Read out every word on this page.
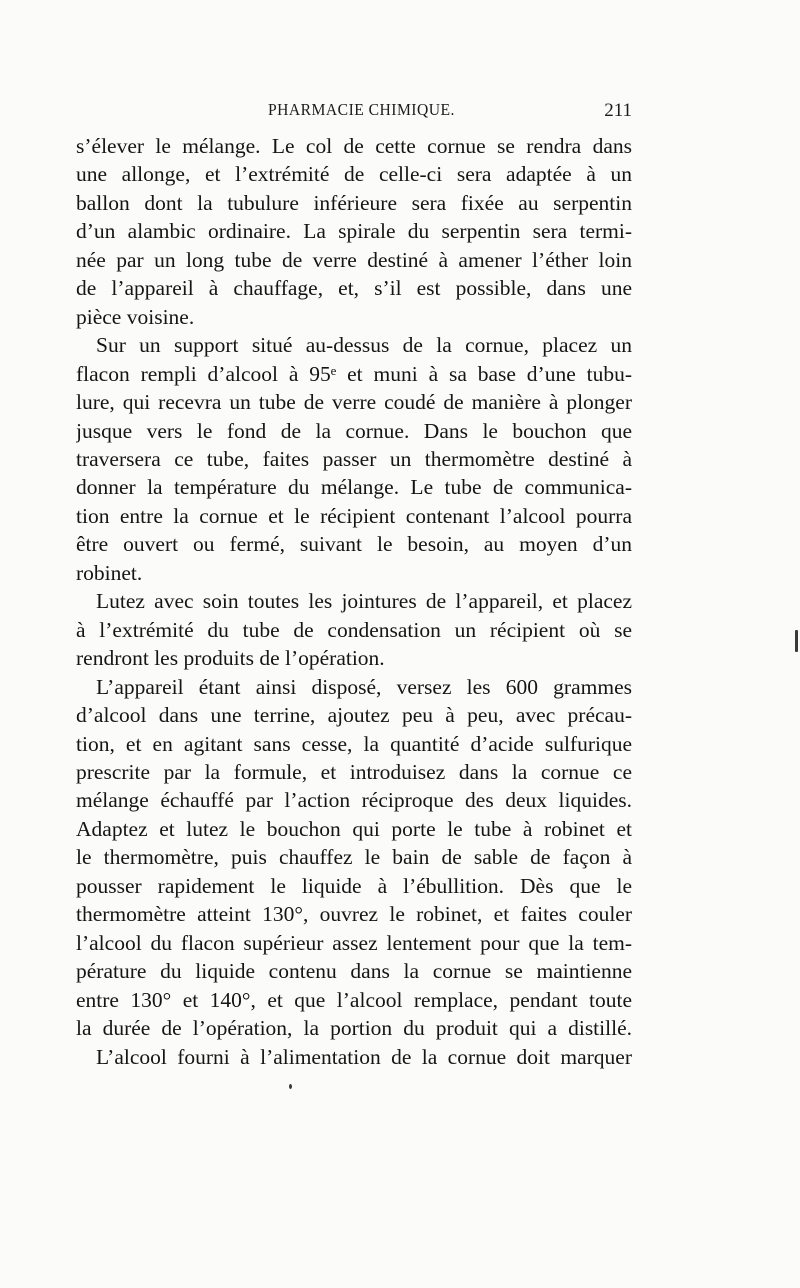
PHARMACIE CHIMIQUE.	211
s’élever le mélange. Le col de cette cornue se rendra dans
une allonge, et l’extrémité de celle-ci sera adaptée à un
ballon dont la tubulure inférieure sera fixée au serpentin
d’un alambic ordinaire. La spirale du serpentin sera termi-
née par un long tube de verre destiné à amener l’éther loin
de l’appareil à chauffage, et, s’il est possible, dans une
pièce voisine.
Sur un support situé au-dessus de la cornue, placez un
flacon rempli d’alcool à 95ᵉ et muni à sa base d’une tubu-
lure, qui recevra un tube de verre coudé de manière à plonger
jusque vers le fond de la cornue. Dans le bouchon que
traversera ce tube, faites passer un thermomètre destiné à
donner la température du mélange. Le tube de communica-
tion entre la cornue et le récipient contenant l’alcool pourra
être ouvert ou fermé, suivant le besoin, au moyen d’un
robinet.
Lutez avec soin toutes les jointures de l’appareil, et placez
à l’extrémité du tube de condensation un récipient où se
rendront les produits de l’opération.
L’appareil étant ainsi disposé, versez les 600 grammes
d’alcool dans une terrine, ajoutez peu à peu, avec précau-
tion, et en agitant sans cesse, la quantité d’acide sulfurique
prescrite par la formule, et introduisez dans la cornue ce
mélange échauffé par l’action réciproque des deux liquides.
Adaptez et lutez le bouchon qui porte le tube à robinet et
le thermomètre, puis chauffez le bain de sable de façon à
pousser rapidement le liquide à l’ébullition. Dès que le
thermomètre atteint 130°, ouvrez le robinet, et faites couler
l’alcool du flacon supérieur assez lentement pour que la tem-
pérature du liquide contenu dans la cornue se maintienne
entre 130° et 140°, et que l’alcool remplace, pendant toute
la durée de l’opération, la portion du produit qui a distillé.
L’alcool fourni à l’alimentation de la cornue doit marquer
